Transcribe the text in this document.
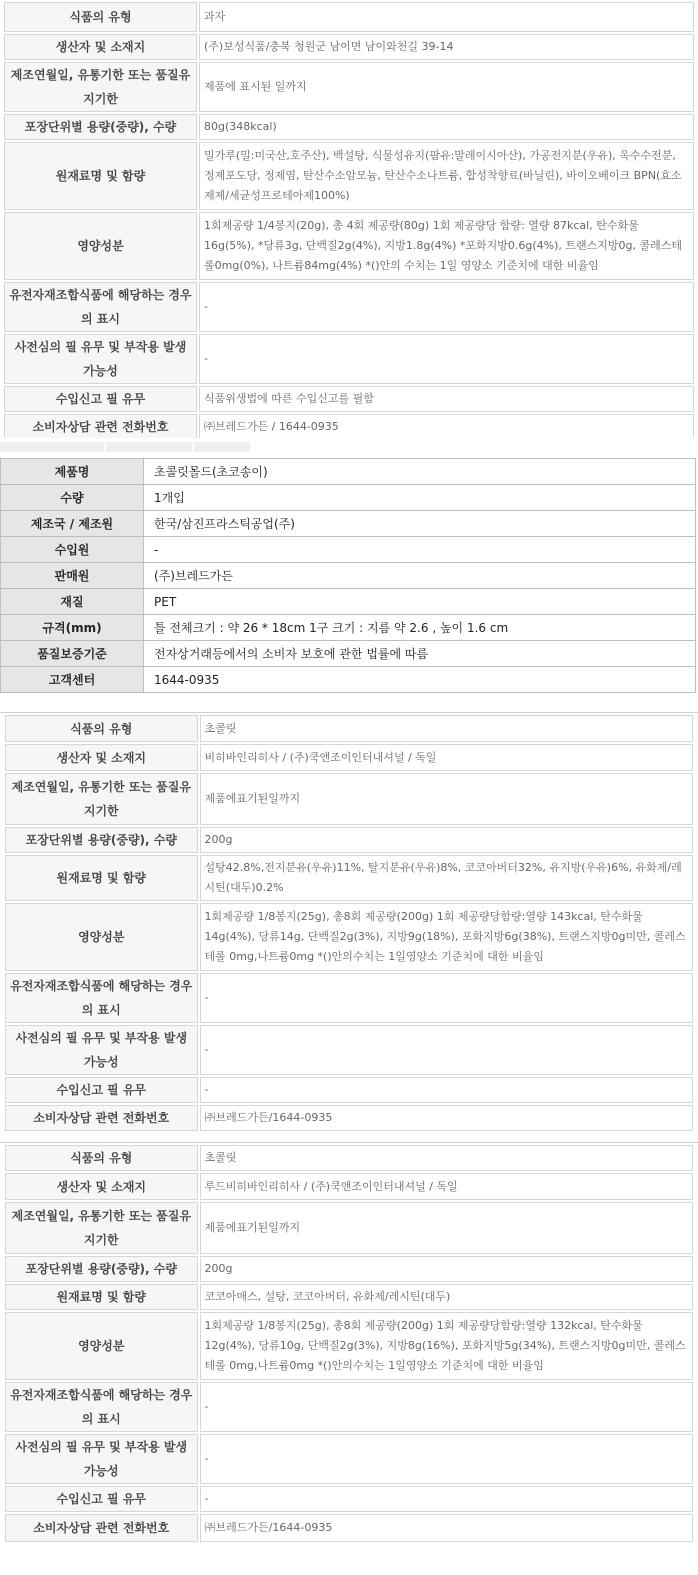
식품의 유형	과자
생산자 및 소재지	(주)보성식품/충북 청원군 남이면 남이와천길 39-14
제조연월일, 유통기한 또는 품질유지기한	제품에 표시된 일까지
포장단위별 용량(중량), 수량	80g(348kcal)
원재료명 및 함량	밀가루(밀:미국산,호주산), 백설탕, 식물성유지(팜유:말레이시아산), 가공전지분(우유), 옥수수전분, 정제포도당, 정제염, 탄산수소암모늄, 탄산수소나트륨, 합성착향료(바닐린), 바이오베이크 BPN(효소제제/세균성프로테아제100%)
영양성분	1회제공량 1/4봉지(20g), 총 4회 제공량(80g) 1회 제공량당 함량: 열량 87kcal, 탄수화물 16g(5%), *당류3g, 단백질2g(4%), 지방1.8g(4%) *포화지방0.6g(4%), 트랜스지방0g, 콜레스테롤0mg(0%), 나트륨84mg(4%) *()안의 수치는 1일 영양소 기준치에 대한 비율임
유전자재조합식품에 해당하는 경우의 표시	-
사전심의 필 유무 및 부작용 발생 가능성	-
수입신고 필 유무	식품위생법에 따른 수입신고를 필함
소비자상담 관련 전화번호	㈜브레드가든 / 1644-0935
제품명	초콜릿몰드(초코송이)
수량	1개입
제조국 / 제조원	한국/삼진프라스틱공업(주)
수입원	-
판매원	(주)브레드가든
재질	PET
규격(mm)	틀 전체크기 : 약 26 * 18cm 1구 크기 : 지름 약 2.6 , 높이 1.6 cm
품질보증기준	전자상거래등에서의 소비자 보호에 관한 법률에 따름
고객센터	1644-0935
식품의 유형	초콜릿
생산자 및 소재지	비히바인리히사 / (주)쿡앤조이인터내셔널 / 독일
제조연월일, 유통기한 또는 품질유지기한	제품에표기된일까지
포장단위별 용량(중량), 수량	200g
원재료명 및 함량	설탕42.8%,전지분유(우유)11%, 탈지분유(우유)8%, 코코아버터32%, 유지방(우유)6%, 유화제/레시틴(대두)0.2%
영양성분	1회제공량 1/8봉지(25g), 총8회 제공량(200g) 1회 제공량당함량:열량 143kcal, 탄수화물 14g(4%), 당류14g, 단백질2g(3%), 지방9g(18%), 포화지방6g(38%), 트랜스지방0g미만, 콜레스테롤 0mg,나트륨0mg *()안의수치는 1일영양소 기준치에 대한 비율임
유전자재조합식품에 해당하는 경우의 표시	-
사전심의 필 유무 및 부작용 발생 가능성	-
수입신고 필 유무	-
소비자상담 관련 전화번호	㈜브레드가든/1644-0935
식품의 유형	초콜릿
생산자 및 소재지	루드비히바인리히사 / (주)쿡앤조이인터내셔널 / 독일
제조연월일, 유통기한 또는 품질유지기한	제품에표기된일까지
포장단위별 용량(중량), 수량	200g
원재료명 및 함량	코코아매스, 설탕, 코코아버터, 유화제/레시틴(대두)
영양성분	1회제공량 1/8봉지(25g), 총8회 제공량(200g) 1회 제공량당함량:열량 132kcal, 탄수화물 12g(4%), 당류10g, 단백질2g(3%), 지방8g(16%), 포화지방5g(34%), 트랜스지방0g미만, 콜레스테롤 0mg,나트륨0mg *()안의수치는 1일영양소 기준치에 대한 비율임
유전자재조합식품에 해당하는 경우의 표시	-
사전심의 필 유무 및 부작용 발생 가능성	-
수입신고 필 유무	-
소비자상담 관련 전화번호	㈜브레드가든/1644-0935
